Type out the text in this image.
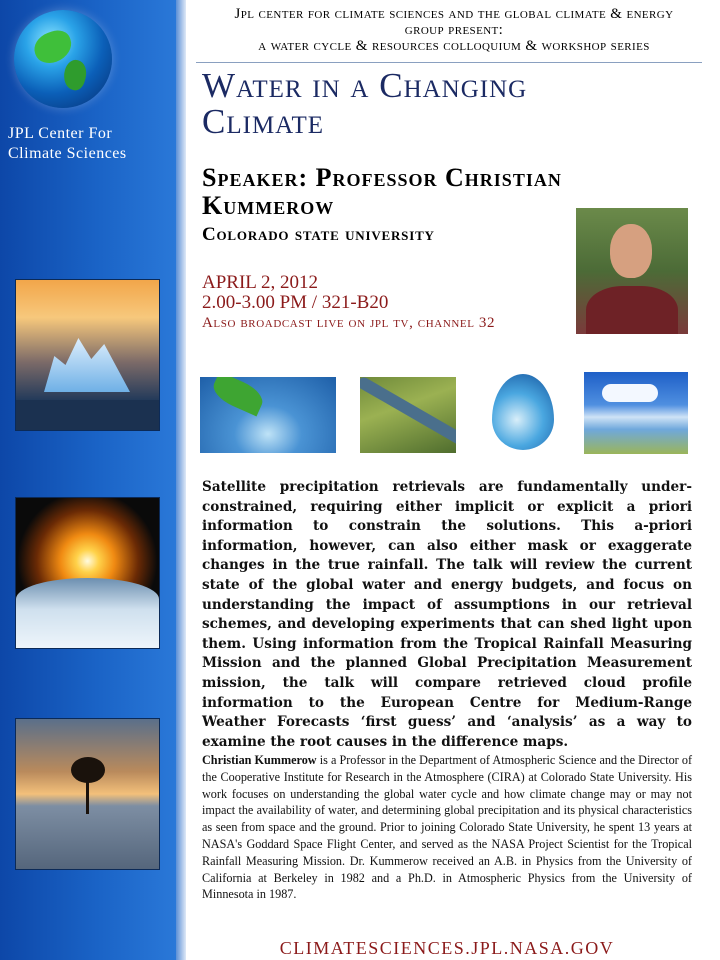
JPL Center For
Climate Sciences
Jpl center for climate sciences and the global climate & energy
group present:
a water cycle & resources colloquium & workshop series
Water in a Changing
Climate
Speaker: Professor Christian
Kummerow
Colorado state university
APRIL 2, 2012
2.00-3.00 PM / 321-B20
Also broadcast live on jpl tv, channel 32

Satellite precipitation retrievals are fundamentally under-constrained, requiring either implicit or explicit a priori information to constrain the solutions. This a-priori information, however, can also either mask or exaggerate changes in the true rainfall. The talk will review the current state of the global water and energy budgets, and focus on understanding the impact of assumptions in our retrieval schemes, and developing experiments that can shed light upon them. Using information from the Tropical Rainfall Measuring Mission and the planned Global Precipitation Measurement mission, the talk will compare retrieved cloud profile information to the European Centre for Medium-Range Weather Forecasts ‘first guess’ and ‘analysis’ as a way to examine the root causes in the difference maps.

Christian Kummerow is a Professor in the Department of Atmospheric Science and the Director of the Cooperative Institute for Research in the Atmosphere (CIRA) at Colorado State University. His work focuses on understanding the global water cycle and how climate change may or may not impact the availability of water, and determining global precipitation and its physical characteristics as seen from space and the ground. Prior to joining Colorado State University, he spent 13 years at NASA's Goddard Space Flight Center, and served as the NASA Project Scientist for the Tropical Rainfall Measuring Mission. Dr. Kummerow received an A.B. in Physics from the University of California at Berkeley in 1982 and a Ph.D. in Atmospheric Physics from the University of Minnesota in 1987.

CLIMATESCIENCES.JPL.NASA.GOV
